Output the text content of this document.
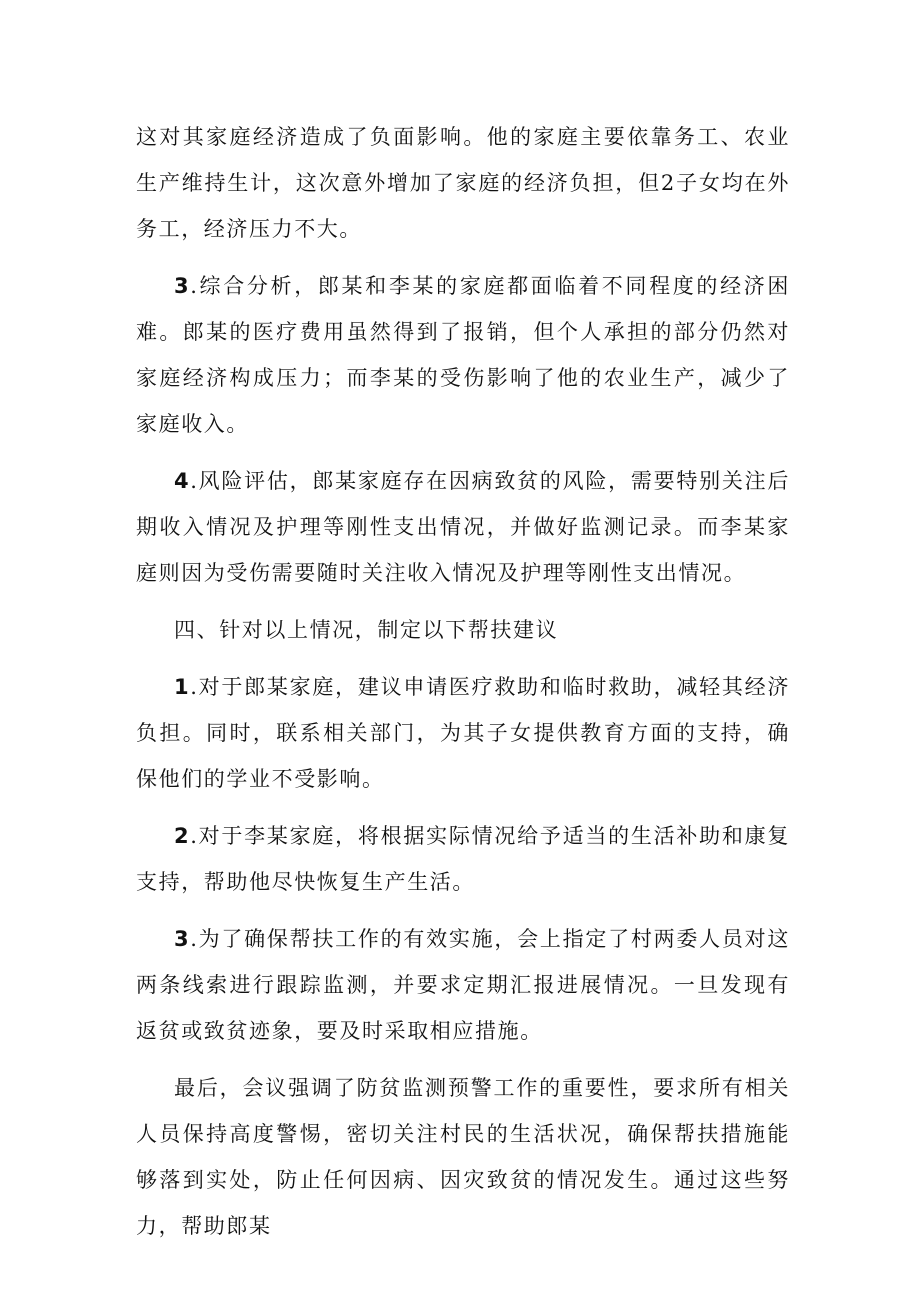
这对其家庭经济造成了负面影响。他的家庭主要依靠务工、农业生产维持生计，这次意外增加了家庭的经济负担，但2子女均在外务工，经济压力不大。

3.综合分析，郎某和李某的家庭都面临着不同程度的经济困难。郎某的医疗费用虽然得到了报销，但个人承担的部分仍然对家庭经济构成压力；而李某的受伤影响了他的农业生产，减少了家庭收入。

4.风险评估，郎某家庭存在因病致贫的风险，需要特别关注后期收入情况及护理等刚性支出情况，并做好监测记录。而李某家庭则因为受伤需要随时关注收入情况及护理等刚性支出情况。

四、针对以上情况，制定以下帮扶建议

1.对于郎某家庭，建议申请医疗救助和临时救助，减轻其经济负担。同时，联系相关部门，为其子女提供教育方面的支持，确保他们的学业不受影响。

2.对于李某家庭，将根据实际情况给予适当的生活补助和康复支持，帮助他尽快恢复生产生活。

3.为了确保帮扶工作的有效实施，会上指定了村两委人员对这两条线索进行跟踪监测，并要求定期汇报进展情况。一旦发现有返贫或致贫迹象，要及时采取相应措施。

最后，会议强调了防贫监测预警工作的重要性，要求所有相关人员保持高度警惕，密切关注村民的生活状况，确保帮扶措施能够落到实处，防止任何因病、因灾致贫的情况发生。通过这些努力，帮助郎某
